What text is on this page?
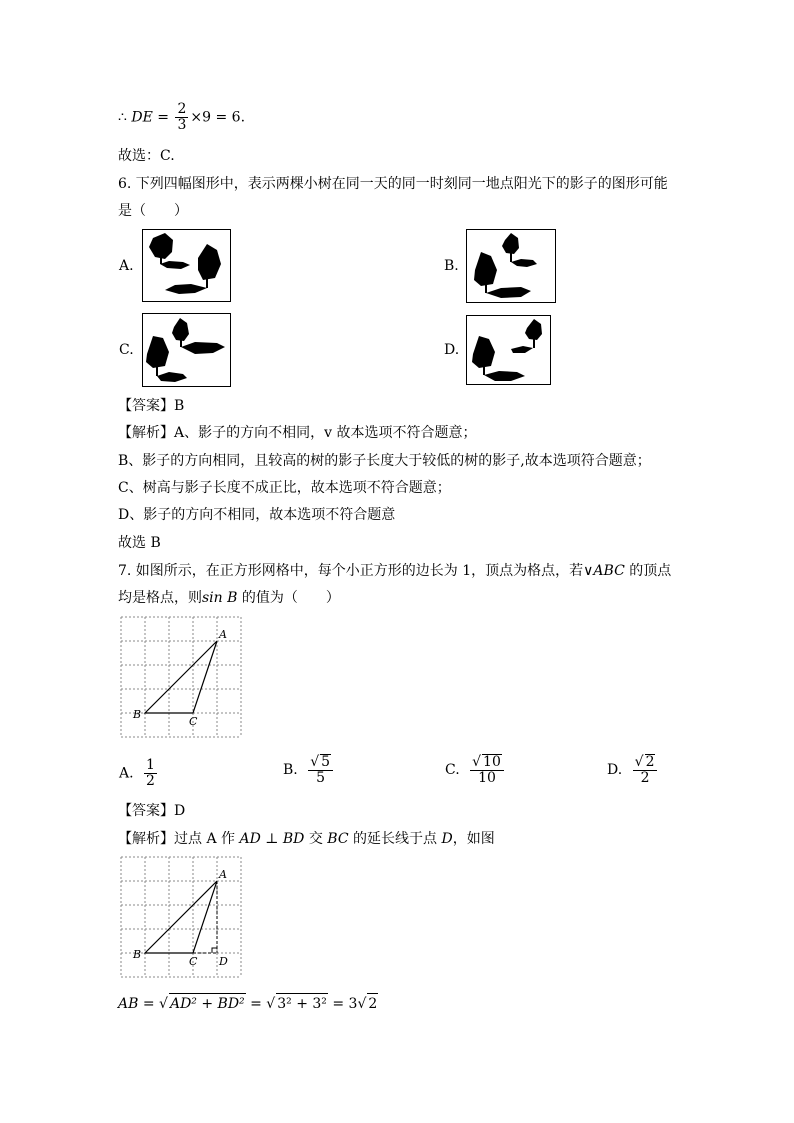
∴ DE = $\frac{2}{3} \times 9 = 6$.
故选：C.
6. 下列四幅图形中，表示两棵小树在同一天的同一时刻同一地点阳光下的影子的图形可能
是（　　）
A.	B.
C.	D.
【答案】B
【解析】A、影子的方向不相同，v 故本选项不符合题意；
B、影子的方向相同，且较高的树的影子长度大于较低的树的影子,故本选项符合题意；
C、树高与影子长度不成正比，故本选项不符合题意；
D、影子的方向不相同，故本选项不符合题意
故选 B
7. 如图所示，在正方形网格中，每个小正方形的边长为 1，顶点为格点，若∨ABC 的顶点
均是格点，则sin B 的值为（　　）
A
B
C
A. $\frac{1}{2}$	B. $\frac{√ 5}{5}$	C. $\frac{√ 10}{10}$	D. $\frac{√ 2}{2}$
【答案】D
【解析】过点 A 作 AD ⊥ BD 交 BC 的延长线于点 D，如图
A
B
C D
AB = √ AD² + BD² = √ 3² + 3² = 3√ 2
